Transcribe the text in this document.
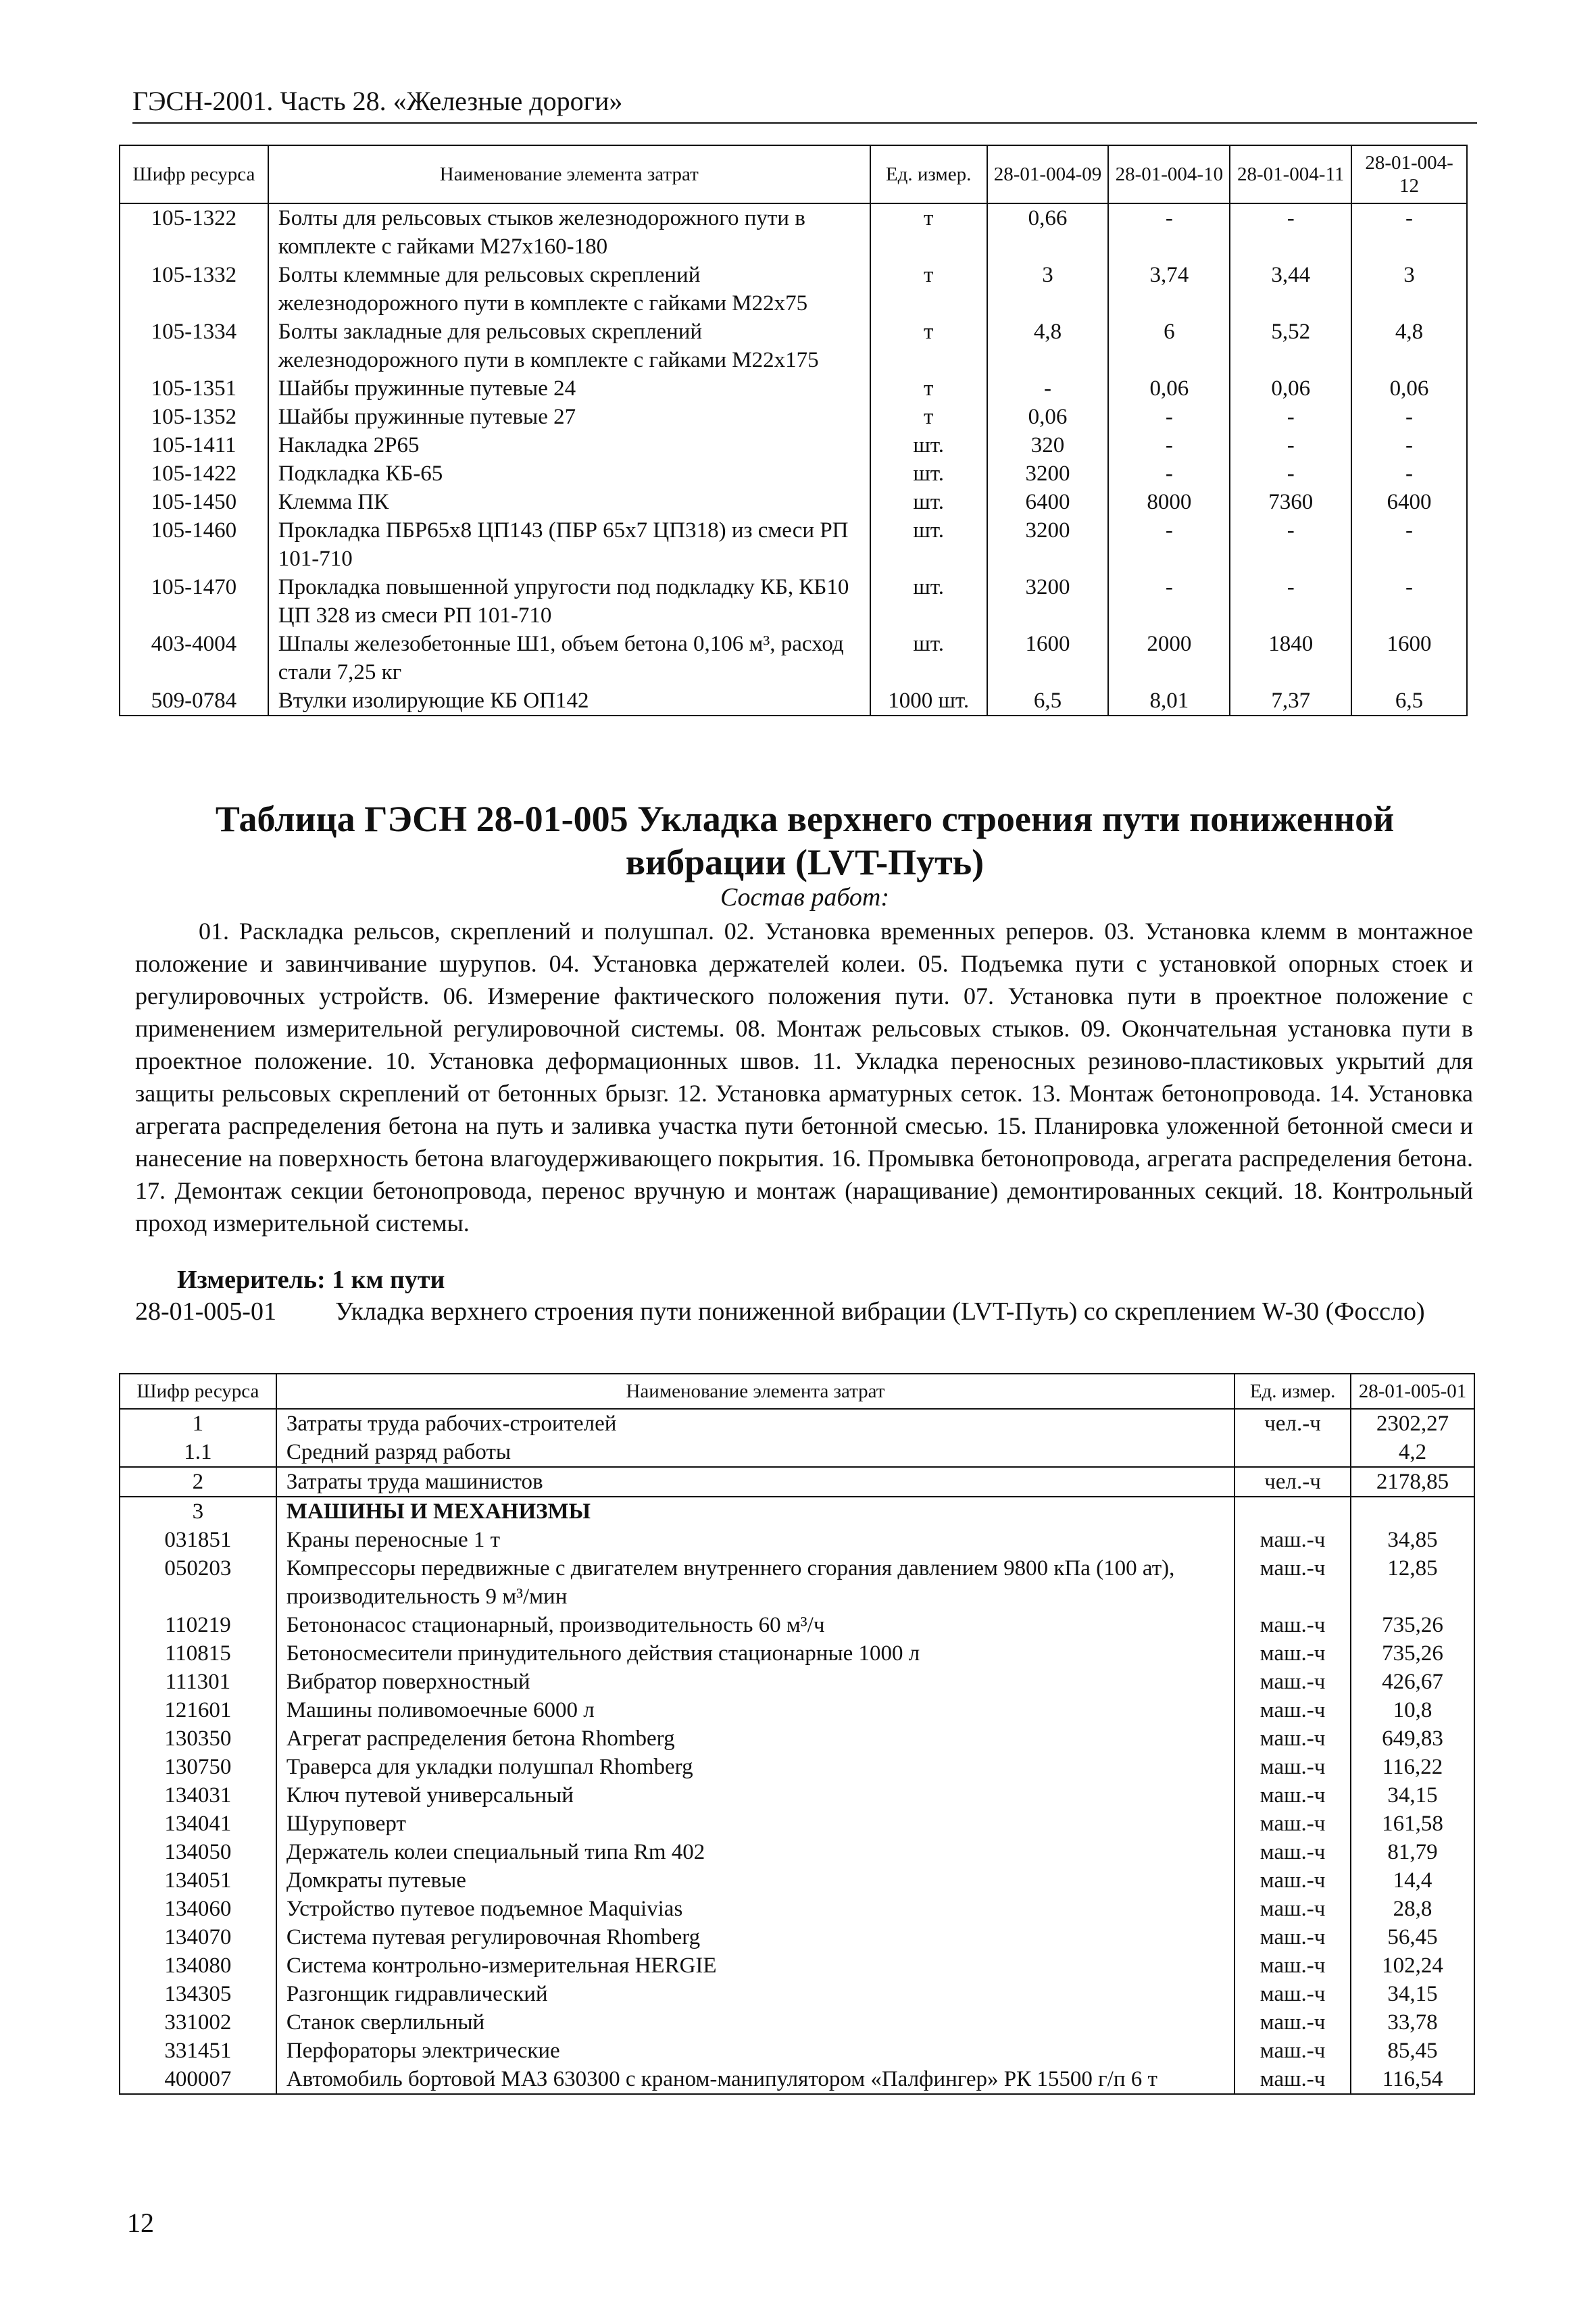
ГЭСН-2001. Часть 28. «Железные дороги»
Шифр ресурса	Наименование элемента затрат	Ед. измер.	28-01-004-09	28-01-004-10	28-01-004-11	28-01-004-12
105-1322	Болты для рельсовых стыков железнодорожного пути в комплекте с гайками М27х160-180	т	0,66	-	-	-
105-1332	Болты клеммные для рельсовых скреплений железнодорожного пути в комплекте с гайками М22х75	т	3	3,74	3,44	3
105-1334	Болты закладные для рельсовых скреплений железнодорожного пути в комплекте с гайками М22х175	т	4,8	6	5,52	4,8
105-1351	Шайбы пружинные путевые 24	т	-	0,06	0,06	0,06
105-1352	Шайбы пружинные путевые 27	т	0,06	-	-	-
105-1411	Накладка 2Р65	шт.	320	-	-	-
105-1422	Подкладка КБ-65	шт.	3200	-	-	-
105-1450	Клемма ПК	шт.	6400	8000	7360	6400
105-1460	Прокладка ПБР65х8 ЦП143 (ПБР 65х7 ЦП318) из смеси РП 101-710	шт.	3200	-	-	-
105-1470	Прокладка повышенной упругости под подкладку КБ, КБ10 ЦП 328 из смеси РП 101-710	шт.	3200	-	-	-
403-4004	Шпалы железобетонные Ш1, объем бетона 0,106 м³, расход стали 7,25 кг	шт.	1600	2000	1840	1600
509-0784	Втулки изолирующие КБ ОП142	1000 шт.	6,5	8,01	7,37	6,5
Таблица ГЭСН 28-01-005 Укладка верхнего строения пути пониженной вибрации (LVT-Путь)
Состав работ:
01. Раскладка рельсов, скреплений и полушпал. 02. Установка временных реперов. 03. Установка клемм в монтажное положение и завинчивание шурупов. 04. Установка держателей колеи. 05. Подъемка пути с установкой опорных стоек и регулировочных устройств. 06. Измерение фактического положения пути. 07. Установка пути в проектное положение с применением измерительной регулировочной системы. 08. Монтаж рельсовых стыков. 09. Окончательная установка пути в проектное положение. 10. Установка деформационных швов. 11. Укладка переносных резиново-пластиковых укрытий для защиты рельсовых скреплений от бетонных брызг. 12. Установка арматурных сеток. 13. Монтаж бетонопровода. 14. Установка агрегата распределения бетона на путь и заливка участка пути бетонной смесью. 15. Планировка уложенной бетонной смеси и нанесение на поверхность бетона влагоудерживающего покрытия. 16. Промывка бетонопровода, агрегата распределения бетона. 17. Демонтаж секции бетонопровода, перенос вручную и монтаж (наращивание) демонтированных секций. 18. Контрольный проход измерительной системы.
Измеритель: 1 км пути
28-01-005-01 Укладка верхнего строения пути пониженной вибрации (LVT-Путь) со скреплением W-30 (Фоссло)
Шифр ресурса	Наименование элемента затрат	Ед. измер.	28-01-005-01
1	Затраты труда рабочих-строителей	чел.-ч	2302,27
1.1	Средний разряд работы		4,2
2	Затраты труда машинистов	чел.-ч	2178,85
3	МАШИНЫ И МЕХАНИЗМЫ		
031851	Краны переносные 1 т	маш.-ч	34,85
050203	Компрессоры передвижные с двигателем внутреннего сгорания давлением 9800 кПа (100 ат), производительность 9 м³/мин	маш.-ч	12,85
110219	Бетононасос стационарный, производительность 60 м³/ч	маш.-ч	735,26
110815	Бетоносмесители принудительного действия стационарные 1000 л	маш.-ч	735,26
111301	Вибратор поверхностный	маш.-ч	426,67
121601	Машины поливомоечные 6000 л	маш.-ч	10,8
130350	Агрегат распределения бетона Rhomberg	маш.-ч	649,83
130750	Траверса для укладки полушпал Rhomberg	маш.-ч	116,22
134031	Ключ путевой универсальный	маш.-ч	34,15
134041	Шуруповерт	маш.-ч	161,58
134050	Держатель колеи специальный типа Rm 402	маш.-ч	81,79
134051	Домкраты путевые	маш.-ч	14,4
134060	Устройство путевое подъемное Maquivias	маш.-ч	28,8
134070	Система путевая регулировочная Rhomberg	маш.-ч	56,45
134080	Система контрольно-измерительная HERGIE	маш.-ч	102,24
134305	Разгонщик гидравлический	маш.-ч	34,15
331002	Станок сверлильный	маш.-ч	33,78
331451	Перфораторы электрические	маш.-ч	85,45
400007	Автомобиль бортовой МАЗ 630300 с краном-манипулятором «Палфингер» РК 15500 г/п 6 т	маш.-ч	116,54
12
